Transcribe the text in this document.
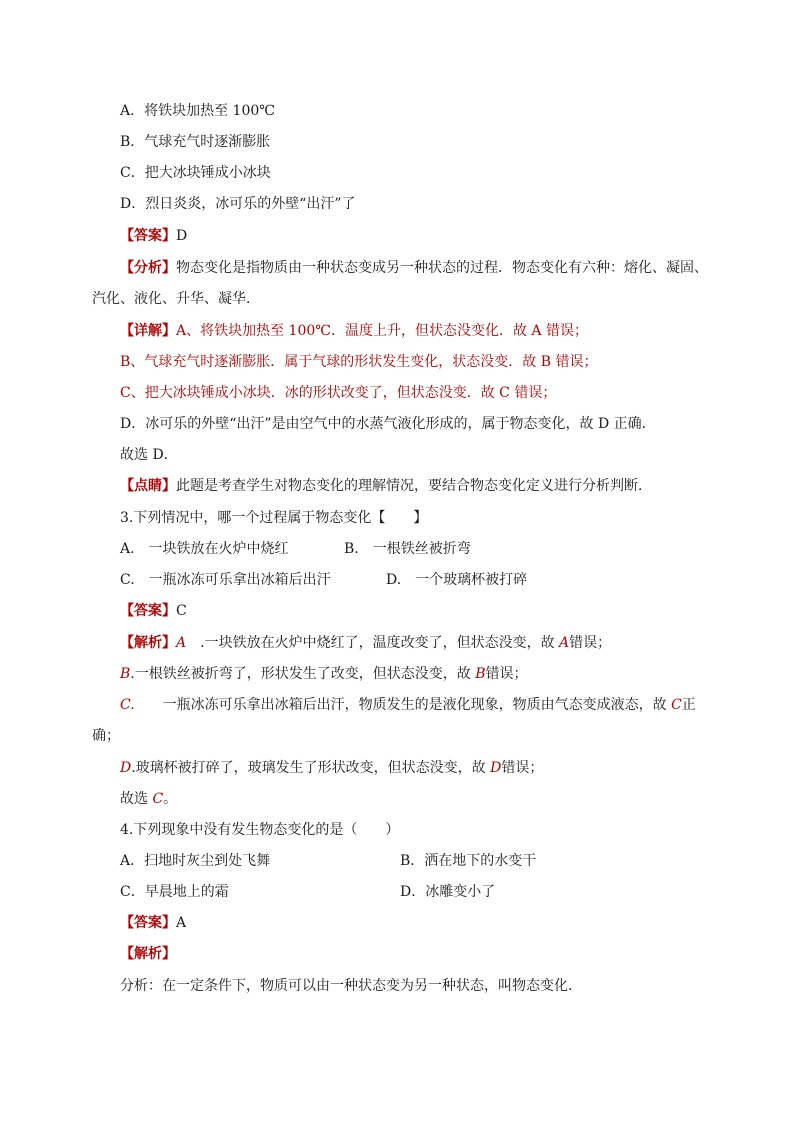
A．将铁块加热至 100℃
B．气球充气时逐渐膨胀
C．把大冰块锤成小冰块
D．烈日炎炎，冰可乐的外壁“出汗”了
【答案】D
【分析】物态变化是指物质由一种状态变成另一种状态的过程．物态变化有六种：熔化、凝固、
汽化、液化、升华、凝华．
【详解】A、将铁块加热至 100℃．温度上升，但状态没变化．故 A 错误；
B、气球充气时逐渐膨胀．属于气球的形状发生变化，状态没变．故 B 错误；
C、把大冰块锤成小冰块．冰的形状改变了，但状态没变．故 C 错误；
D．冰可乐的外壁“出汗”是由空气中的水蒸气液化形成的，属于物态变化，故 D 正确．
故选 D．
【点睛】此题是考查学生对物态变化的理解情况，要结合物态变化定义进行分析判断．
3.下列情况中，哪一个过程属于物态变化【　　】
A.　一块铁放在火炉中烧红	B.　一根铁丝被折弯
C.　一瓶冰冻可乐拿出冰箱后出汗	D.　一个玻璃杯被打碎
【答案】C
【解析】A　.一块铁放在火炉中烧红了，温度改变了，但状态没变，故 A错误；
B.一根铁丝被折弯了，形状发生了改变，但状态没变，故 B错误；
C.　　一瓶冰冻可乐拿出冰箱后出汗，物质发生的是液化现象，物质由气态变成液态，故 C正
确；
D.玻璃杯被打碎了，玻璃发生了形状改变，但状态没变，故 D错误；
故选 C。
4.下列现象中没有发生物态变化的是（　　）
A．扫地时灰尘到处飞舞	B．洒在地下的水变干
C．早晨地上的霜	D．冰雕变小了
【答案】A
【解析】
分析：在一定条件下，物质可以由一种状态变为另一种状态，叫物态变化．
